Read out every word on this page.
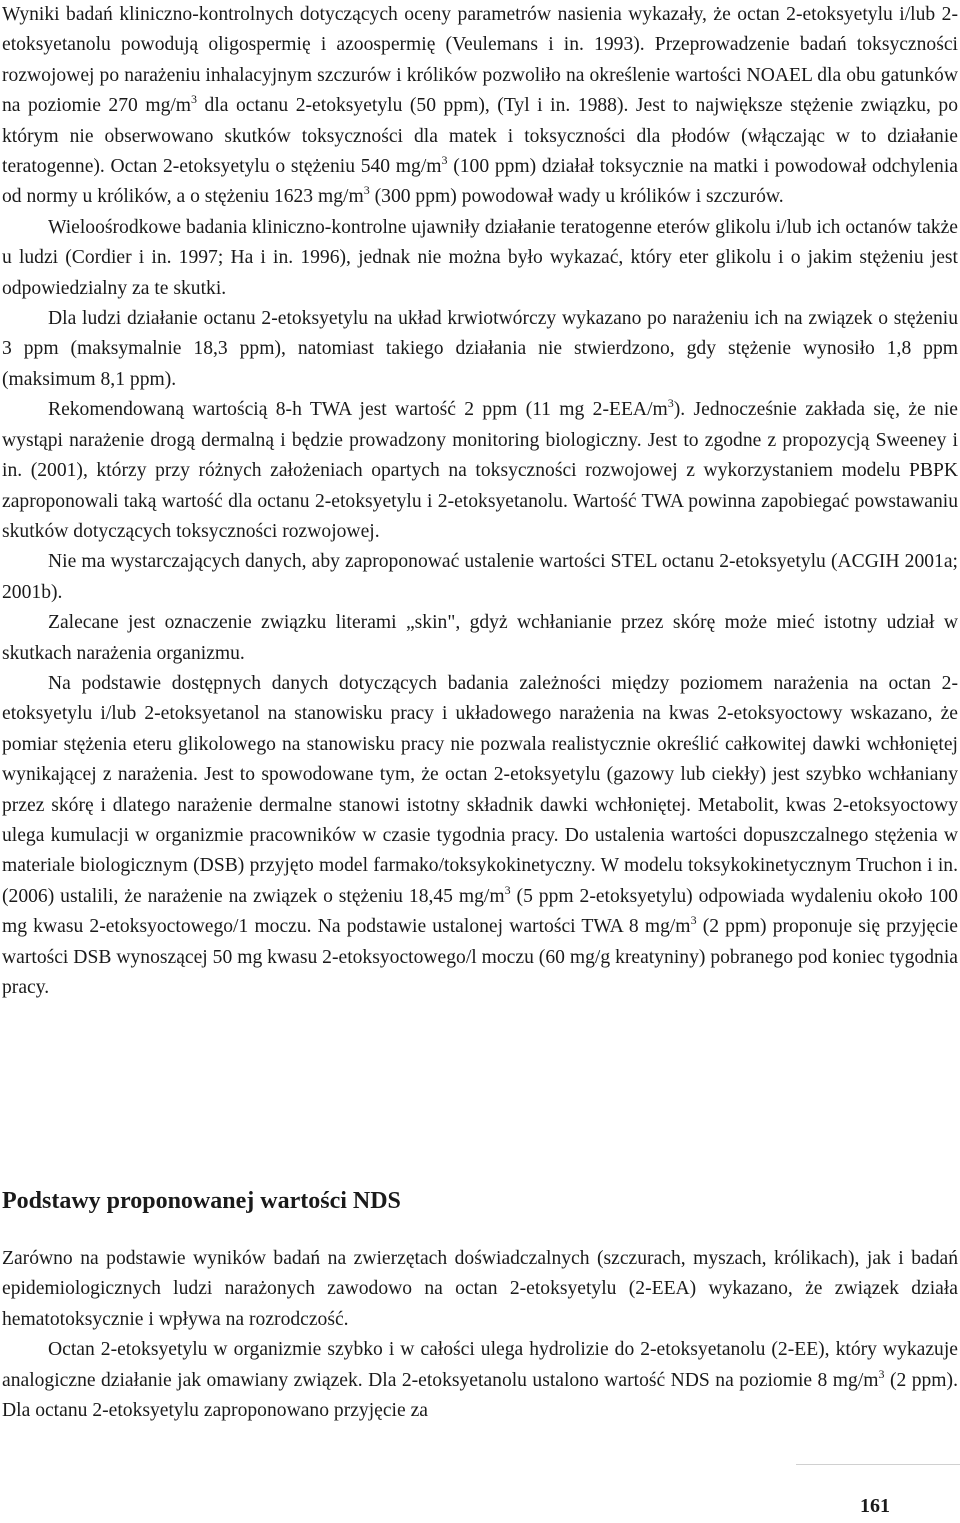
Wyniki badań kliniczno-kontrolnych dotyczących oceny parametrów nasienia wykazały, że octan 2-etoksyetylu i/lub 2-etoksyetanolu powodują oligospermię i azoospermię (Veulemans i in. 1993). Przeprowadzenie badań toksyczności rozwojowej po narażeniu inhalacyjnym szczurów i królików pozwoliło na określenie wartości NOAEL dla obu gatunków na poziomie 270 $mg/m^3$ dla octanu 2-etoksyetylu (50 ppm), (Tyl i in. 1988). Jest to największe stężenie związku, po którym nie obserwowano skutków toksyczności dla matek i toksyczności dla płodów (włączając w to działanie teratogenne). Octan 2-etoksyetylu o stężeniu 540 $mg/m^3$ (100 ppm) działał toksycznie na matki i powodował odchylenia od normy u królików, a o stężeniu 1623 $mg/m^3$ (300 ppm) powodował wady u królików i szczurów.

Wieloośrodkowe badania kliniczno-kontrolne ujawniły działanie teratogenne eterów glikolu i/lub ich octanów także u ludzi (Cordier i in. 1997; Ha i in. 1996), jednak nie można było wykazać, który eter glikolu i o jakim stężeniu jest odpowiedzialny za te skutki.

Dla ludzi działanie octanu 2-etoksyetylu na układ krwiotwórczy wykazano po narażeniu ich na związek o stężeniu 3 ppm (maksymalnie 18,3 ppm), natomiast takiego działania nie stwierdzono, gdy stężenie wynosiło 1,8 ppm (maksimum 8,1 ppm).

Rekomendowaną wartością 8-h TWA jest wartość 2 ppm (11 mg $2-EEA/m^3$). Jednocześnie zakłada się, że nie wystąpi narażenie drogą dermalną i będzie prowadzony monitoring biologiczny. Jest to zgodne z propozycją Sweeney i in. (2001), którzy przy różnych założeniach opartych na toksyczności rozwojowej z wykorzystaniem modelu PBPK zaproponowali taką wartość dla octanu 2-etoksyetylu i 2-etoksyetanolu. Wartość TWA powinna zapobiegać powstawaniu skutków dotyczących toksyczności rozwojowej.

Nie ma wystarczających danych, aby zaproponować ustalenie wartości STEL octanu 2-etoksyetylu (ACGIH 2001a; 2001b).

Zalecane jest oznaczenie związku literami „skin", gdyż wchłanianie przez skórę może mieć istotny udział w skutkach narażenia organizmu.

Na podstawie dostępnych danych dotyczących badania zależności między poziomem narażenia na octan 2-etoksyetylu i/lub 2-etoksyetanol na stanowisku pracy i układowego narażenia na kwas 2-etoksyoctowy wskazano, że pomiar stężenia eteru glikolowego na stanowisku pracy nie pozwala realistycznie określić całkowitej dawki wchłoniętej wynikającej z narażenia. Jest to spowodowane tym, że octan 2-etoksyetylu (gazowy lub ciekły) jest szybko wchłaniany przez skórę i dlatego narażenie dermalne stanowi istotny składnik dawki wchłoniętej. Metabolit, kwas 2-etoksyoctowy ulega kumulacji w organizmie pracowników w czasie tygodnia pracy. Do ustalenia wartości dopuszczalnego stężenia w materiale biologicznym (DSB) przyjęto model farmako/toksykokinetyczny. W modelu toksykokinetycznym Truchon i in. (2006) ustalili, że narażenie na związek o stężeniu 18,45 $mg/m^3$ (5 ppm 2-etoksyetylu) odpowiada wydaleniu około 100 mg kwasu 2-etoksyoctowego/1 moczu. Na podstawie ustalonej wartości TWA 8 $mg/m^3$ (2 ppm) proponuje się przyjęcie wartości DSB wynoszącej 50 mg kwasu 2-etoksyoctowego/l moczu (60 mg/g kreatyniny) pobranego pod koniec tygodnia pracy.

Podstawy proponowanej wartości NDS

Zarówno na podstawie wyników badań na zwierzętach doświadczalnych (szczurach, myszach, królikach), jak i badań epidemiologicznych ludzi narażonych zawodowo na octan 2-etoksyetylu (2-EEA) wykazano, że związek działa hematotoksycznie i wpływa na rozrodczość.

Octan 2-etoksyetylu w organizmie szybko i w całości ulega hydrolizie do 2-etoksyetanolu (2-EE), który wykazuje analogiczne działanie jak omawiany związek. Dla 2-etoksyetanolu ustalono wartość NDS na poziomie 8 $mg/m^3$ (2 ppm). Dla octanu 2-etoksyetylu zaproponowano przyjęcie za

161
